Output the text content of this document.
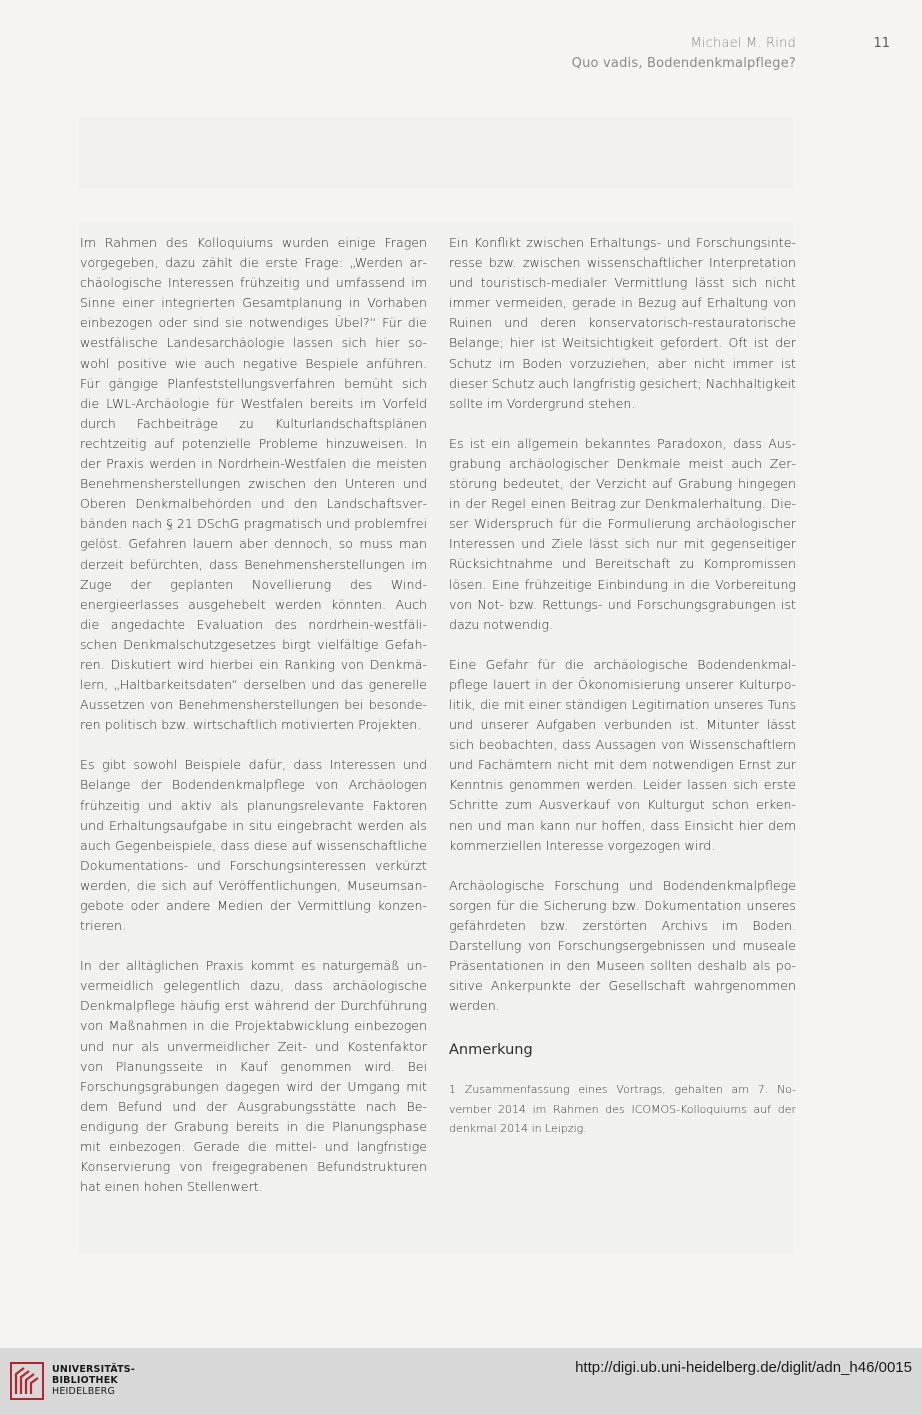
Michael M. Rind
Quo vadis, Bodendenkmalpflege?
11

Im Rahmen des Kolloquiums wurden einige Fragen vorgegeben, dazu zählt die erste Frage: „Werden archäologische Interessen frühzeitig und umfassend im Sinne einer integrierten Gesamtplanung in Vorhaben einbezogen oder sind sie notwendiges Übel?“ Für die westfälische Landesarchäologie lassen sich hier sowohl positive wie auch negative Bespiele anführen. Für gängige Planfeststellungsverfahren bemüht sich die LWL-Archäologie für Westfalen bereits im Vorfeld durch Fachbeiträge zu Kulturlandschaftsplänen rechtzeitig auf potenzielle Probleme hinzuweisen. In der Praxis werden in Nordrhein-Westfalen die meisten Benehmensherstellungen zwischen den Unteren und Oberen Denkmalbehörden und den Landschaftsverbänden nach § 21 DSchG pragmatisch und problemfrei gelöst. Gefahren lauern aber dennoch, so muss man derzeit befürchten, dass Benehmensherstellungen im Zuge der geplanten Novellierung des Windenergieerlasses ausgehebelt werden könnten. Auch die angedachte Evaluation des nordrhein-westfälischen Denkmalschutzgesetzes birgt vielfältige Gefahren. Diskutiert wird hierbei ein Ranking von Denkmälern, „Haltbarkeitsdaten“ derselben und das generelle Aussetzen von Benehmensherstellungen bei besonderen politisch bzw. wirtschaftlich motivierten Projekten.

Es gibt sowohl Beispiele dafür, dass Interessen und Belange der Bodendenkmalpflege von Archäologen frühzeitig und aktiv als planungsrelevante Faktoren und Erhaltungsaufgabe in situ eingebracht werden als auch Gegenbeispiele, dass diese auf wissenschaftliche Dokumentations- und Forschungsinteressen verkürzt werden, die sich auf Veröffentlichungen, Museumsangebote oder andere Medien der Vermittlung konzentrieren.

In der alltäglichen Praxis kommt es naturgemäß unvermeidlich gelegentlich dazu, dass archäologische Denkmalpflege häufig erst während der Durchführung von Maßnahmen in die Projektabwicklung einbezogen und nur als unvermeidlicher Zeit- und Kostenfaktor von Planungsseite in Kauf genommen wird. Bei Forschungsgrabungen dagegen wird der Umgang mit dem Befund und der Ausgrabungsstätte nach Beendigung der Grabung bereits in die Planungsphase mit einbezogen. Gerade die mittel- und langfristige Konservierung von freigegrabenen Befundstrukturen hat einen hohen Stellenwert.

Ein Konflikt zwischen Erhaltungs- und Forschungsinteresse bzw. zwischen wissenschaftlicher Interpretation und touristisch-medialer Vermittlung lässt sich nicht immer vermeiden, gerade in Bezug auf Erhaltung von Ruinen und deren konservatorisch-restauratorische Belange; hier ist Weitsichtigkeit gefordert. Oft ist der Schutz im Boden vorzuziehen, aber nicht immer ist dieser Schutz auch langfristig gesichert; Nachhaltigkeit sollte im Vordergrund stehen.

Es ist ein allgemein bekanntes Paradoxon, dass Ausgrabung archäologischer Denkmale meist auch Zerstörung bedeutet, der Verzicht auf Grabung hingegen in der Regel einen Beitrag zur Denkmalerhaltung. Dieser Widerspruch für die Formulierung archäologischer Interessen und Ziele lässt sich nur mit gegenseitiger Rücksichtnahme und Bereitschaft zu Kompromissen lösen. Eine frühzeitige Einbindung in die Vorbereitung von Not- bzw. Rettungs- und Forschungsgrabungen ist dazu notwendig.

Eine Gefahr für die archäologische Bodendenkmalpflege lauert in der Ökonomisierung unserer Kulturpolitik, die mit einer ständigen Legitimation unseres Tuns und unserer Aufgaben verbunden ist. Mitunter lässt sich beobachten, dass Aussagen von Wissenschaftlern und Fachämtern nicht mit dem notwendigen Ernst zur Kenntnis genommen werden. Leider lassen sich erste Schritte zum Ausverkauf von Kulturgut schon erkennen und man kann nur hoffen, dass Einsicht hier dem kommerziellen Interesse vorgezogen wird.

Archäologische Forschung und Bodendenkmalpflege sorgen für die Sicherung bzw. Dokumentation unseres gefährdeten bzw. zerstörten Archivs im Boden. Darstellung von Forschungsergebnissen und museale Präsentationen in den Museen sollten deshalb als positive Ankerpunkte der Gesellschaft wahrgenommen werden.

Anmerkung
1 Zusammenfassung eines Vortrags, gehalten am 7. November 2014 im Rahmen des ICOMOS-Kolloquiums auf der denkmal 2014 in Leipzig.
UNIVERSITÄTS-
BIBLIOTHEK
HEIDELBERG
http://digi.ub.uni-heidelberg.de/diglit/adn_h46/0015
